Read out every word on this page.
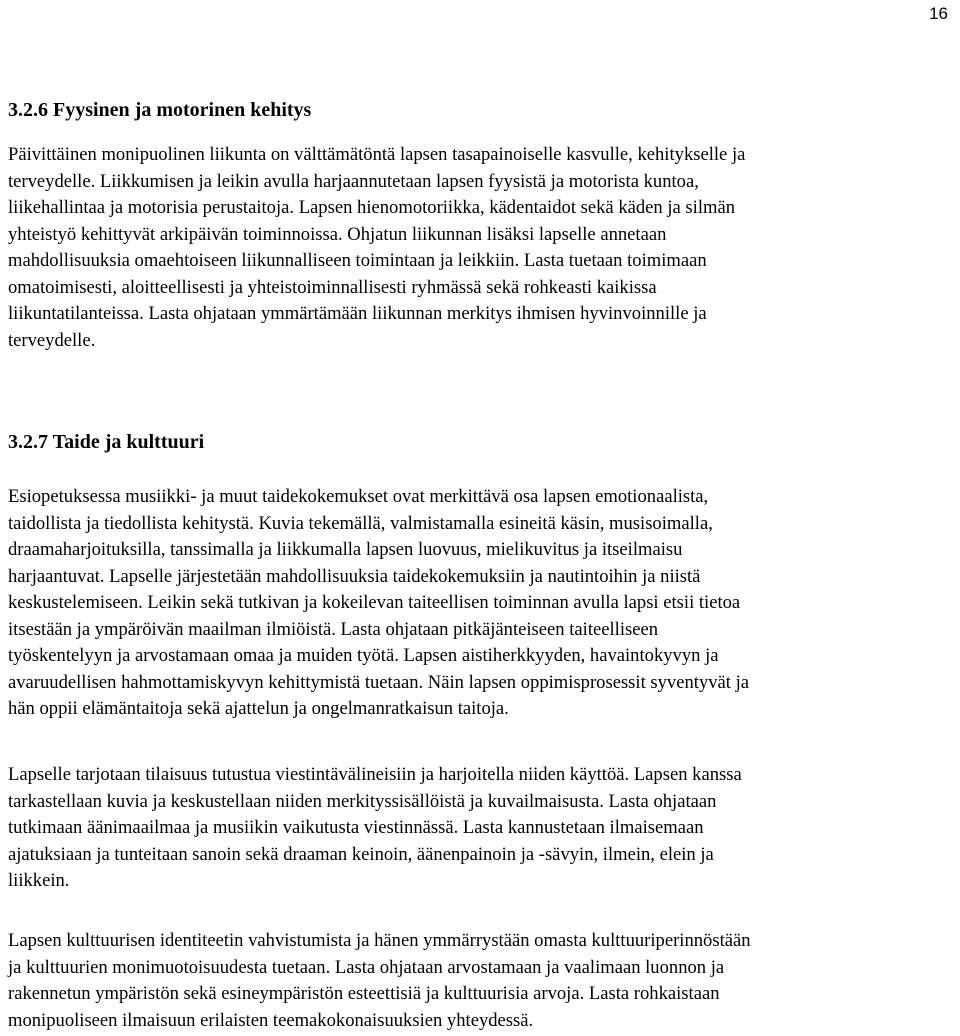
16
3.2.6 Fyysinen ja motorinen kehitys

Päivittäinen monipuolinen liikunta on välttämätöntä lapsen tasapainoiselle kasvulle, kehitykselle ja
terveydelle. Liikkumisen ja leikin avulla harjaannutetaan lapsen fyysistä ja motorista kuntoa,
liikehallintaa ja motorisia perustaitoja. Lapsen hienomotoriikka, kädentaidot sekä käden ja silmän
yhteistyö kehittyvät arkipäivän toiminnoissa. Ohjatun liikunnan lisäksi lapselle annetaan
mahdollisuuksia omaehtoiseen liikunnalliseen toimintaan ja leikkiin. Lasta tuetaan toimimaan
omatoimisesti, aloitteellisesti ja yhteistoiminnallisesti ryhmässä sekä rohkeasti kaikissa
liikuntatilanteissa. Lasta ohjataan ymmärtämään liikunnan merkitys ihmisen hyvinvoinnille ja
terveydelle.

3.2.7 Taide ja kulttuuri

Esiopetuksessa musiikki- ja muut taidekokemukset ovat merkittävä osa lapsen emotionaalista,
taidollista ja tiedollista kehitystä. Kuvia tekemällä, valmistamalla esineitä käsin, musisoimalla,
draamaharjoituksilla, tanssimalla ja liikkumalla lapsen luovuus, mielikuvitus ja itseilmaisu
harjaantuvat. Lapselle järjestetään mahdollisuuksia taidekokemuksiin ja nautintoihin ja niistä
keskustelemiseen. Leikin sekä tutkivan ja kokeilevan taiteellisen toiminnan avulla lapsi etsii tietoa
itsestään ja ympäröivän maailman ilmiöistä. Lasta ohjataan pitkäjänteiseen taiteelliseen
työskentelyyn ja arvostamaan omaa ja muiden työtä. Lapsen aistiherkkyyden, havaintokyvyn ja
avaruudellisen hahmottamiskyvyn kehittymistä tuetaan. Näin lapsen oppimisprosessit syventyvät ja
hän oppii elämäntaitoja sekä ajattelun ja ongelmanratkaisun taitoja.

Lapselle tarjotaan tilaisuus tutustua viestintävälineisiin ja harjoitella niiden käyttöä. Lapsen kanssa
tarkastellaan kuvia ja keskustellaan niiden merkityssisällöistä ja kuvailmaisusta. Lasta ohjataan
tutkimaan äänimaailmaa ja musiikin vaikutusta viestinnässä. Lasta kannustetaan ilmaisemaan
ajatuksiaan ja tunteitaan sanoin sekä draaman keinoin, äänenpainoin ja -sävyin, ilmein, elein ja
liikkein.

Lapsen kulttuurisen identiteetin vahvistumista ja hänen ymmärrystään omasta kulttuuriperinnöstään
ja kulttuurien monimuotoisuudesta tuetaan. Lasta ohjataan arvostamaan ja vaalimaan luonnon ja
rakennetun ympäristön sekä esineympäristön esteettisiä ja kulttuurisia arvoja. Lasta rohkaistaan
monipuoliseen ilmaisuun erilaisten teemakokonaisuuksien yhteydessä.
